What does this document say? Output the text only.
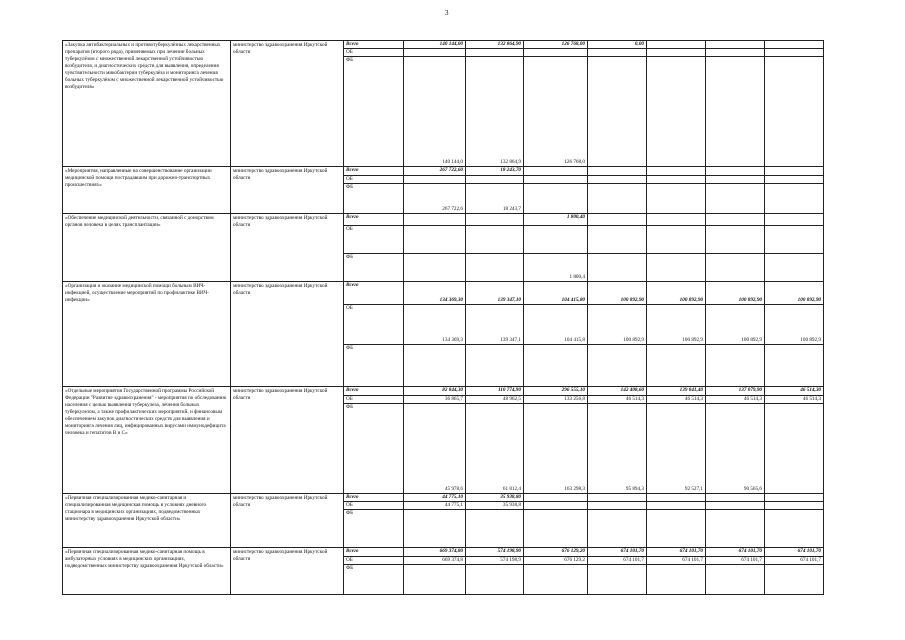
3
«Закупка антибактериальных и противотуберкулёзных лекарственных препаратов (второго ряда), применяемых при лечении больных туберкулёзом с множественной лекарственной устойчивостью возбудителя, и диагностических средств для выявления, определения чувствительности микобактерии туберкулёза и мониторинга лечения больных туберкулёзом с множественной лекарственной устойчивостью возбудителя»	министерство здравоохранения Иркутской области	Всего	140 144,00	132 864,90	126 768,00	0,00			
		ОБ							
		ФБ	140 144,0	132 864,9	126 768,0				
«Мероприятия, направленные на совершенствование организации медицинской помощи пострадавшим при дорожно-транспортных происшествиях»	министерство здравоохранения Иркутской области	Всего	267 722,60	18 243,70					
		ОБ							
		ФБ	267 722,6	18 243,7					
«Обеспечение медицинской деятельности, связанной с донорством органов человека в целях трансплантации»	министерство здравоохранения Иркутской области	Всего			1 800,40				
		ОБ							
		ФБ			1 800,4				
«Организация и оказание медицинской помощи больным ВИЧ-инфекцией, осуществление мероприятий по профилактике ВИЧ-инфекции»	министерство здравоохранения Иркутской области	Всего	134 369,30	139 347,10	104 415,80	100 892,90	100 892,90	100 892,90	100 892,90
		ОБ	134 369,3	139 347,1	104 415,8	100 892,9	100 892,9	100 892,9	100 892,9
		ФБ							
«Отдельные мероприятия Государственной программы Российской Федерации "Развитие здравоохранения" - мероприятия по обследованию населения с целью выявления туберкулеза, лечения больных туберкулезом, а также профилактических мероприятий, и финансовым обеспечением закупок диагностических средств для выявления и мониторинга лечения лиц, инфицированных вирусами иммунодефицита человека и гепатитов В и С»	министерство здравоохранения Иркутской области	Всего	82 844,30	110 774,90	296 555,10	142 408,60	139 041,40	137 079,90	46 514,30
		ОБ	36 865,7	48 962,5	133 256,8	46 514,3	46 514,3	46 514,3	46 514,3
		ФБ	45 978,6	61 812,4	163 298,3	95 894,3	92 527,1	90 565,6	
«Первичная специализированная медико-санитарная и специализированная медицинская помощь в условиях дневного стационара в медицинских организациях, подведомственных министерству здравоохранения Иркутской области»	министерство здравоохранения Иркутской области	Всего	44 775,10	35 938,80					
		ОБ	44 775,1	35 938,8					
		ФБ							
«Первичная специализированная медико-санитарная помощь в амбулаторных условиях в медицинских организациях, подведомственных министерству здравоохранения Иркутской области»	министерство здравоохранения Иркутской области	Всего	669 374,80	574 198,90	676 129,20	674 101,70	674 101,70	674 101,70	674 101,70
		ОБ	669 374,8	574 198,9	676 129,2	674 101,7	674 101,7	674 101,7	674 101,7
		ФБ							
